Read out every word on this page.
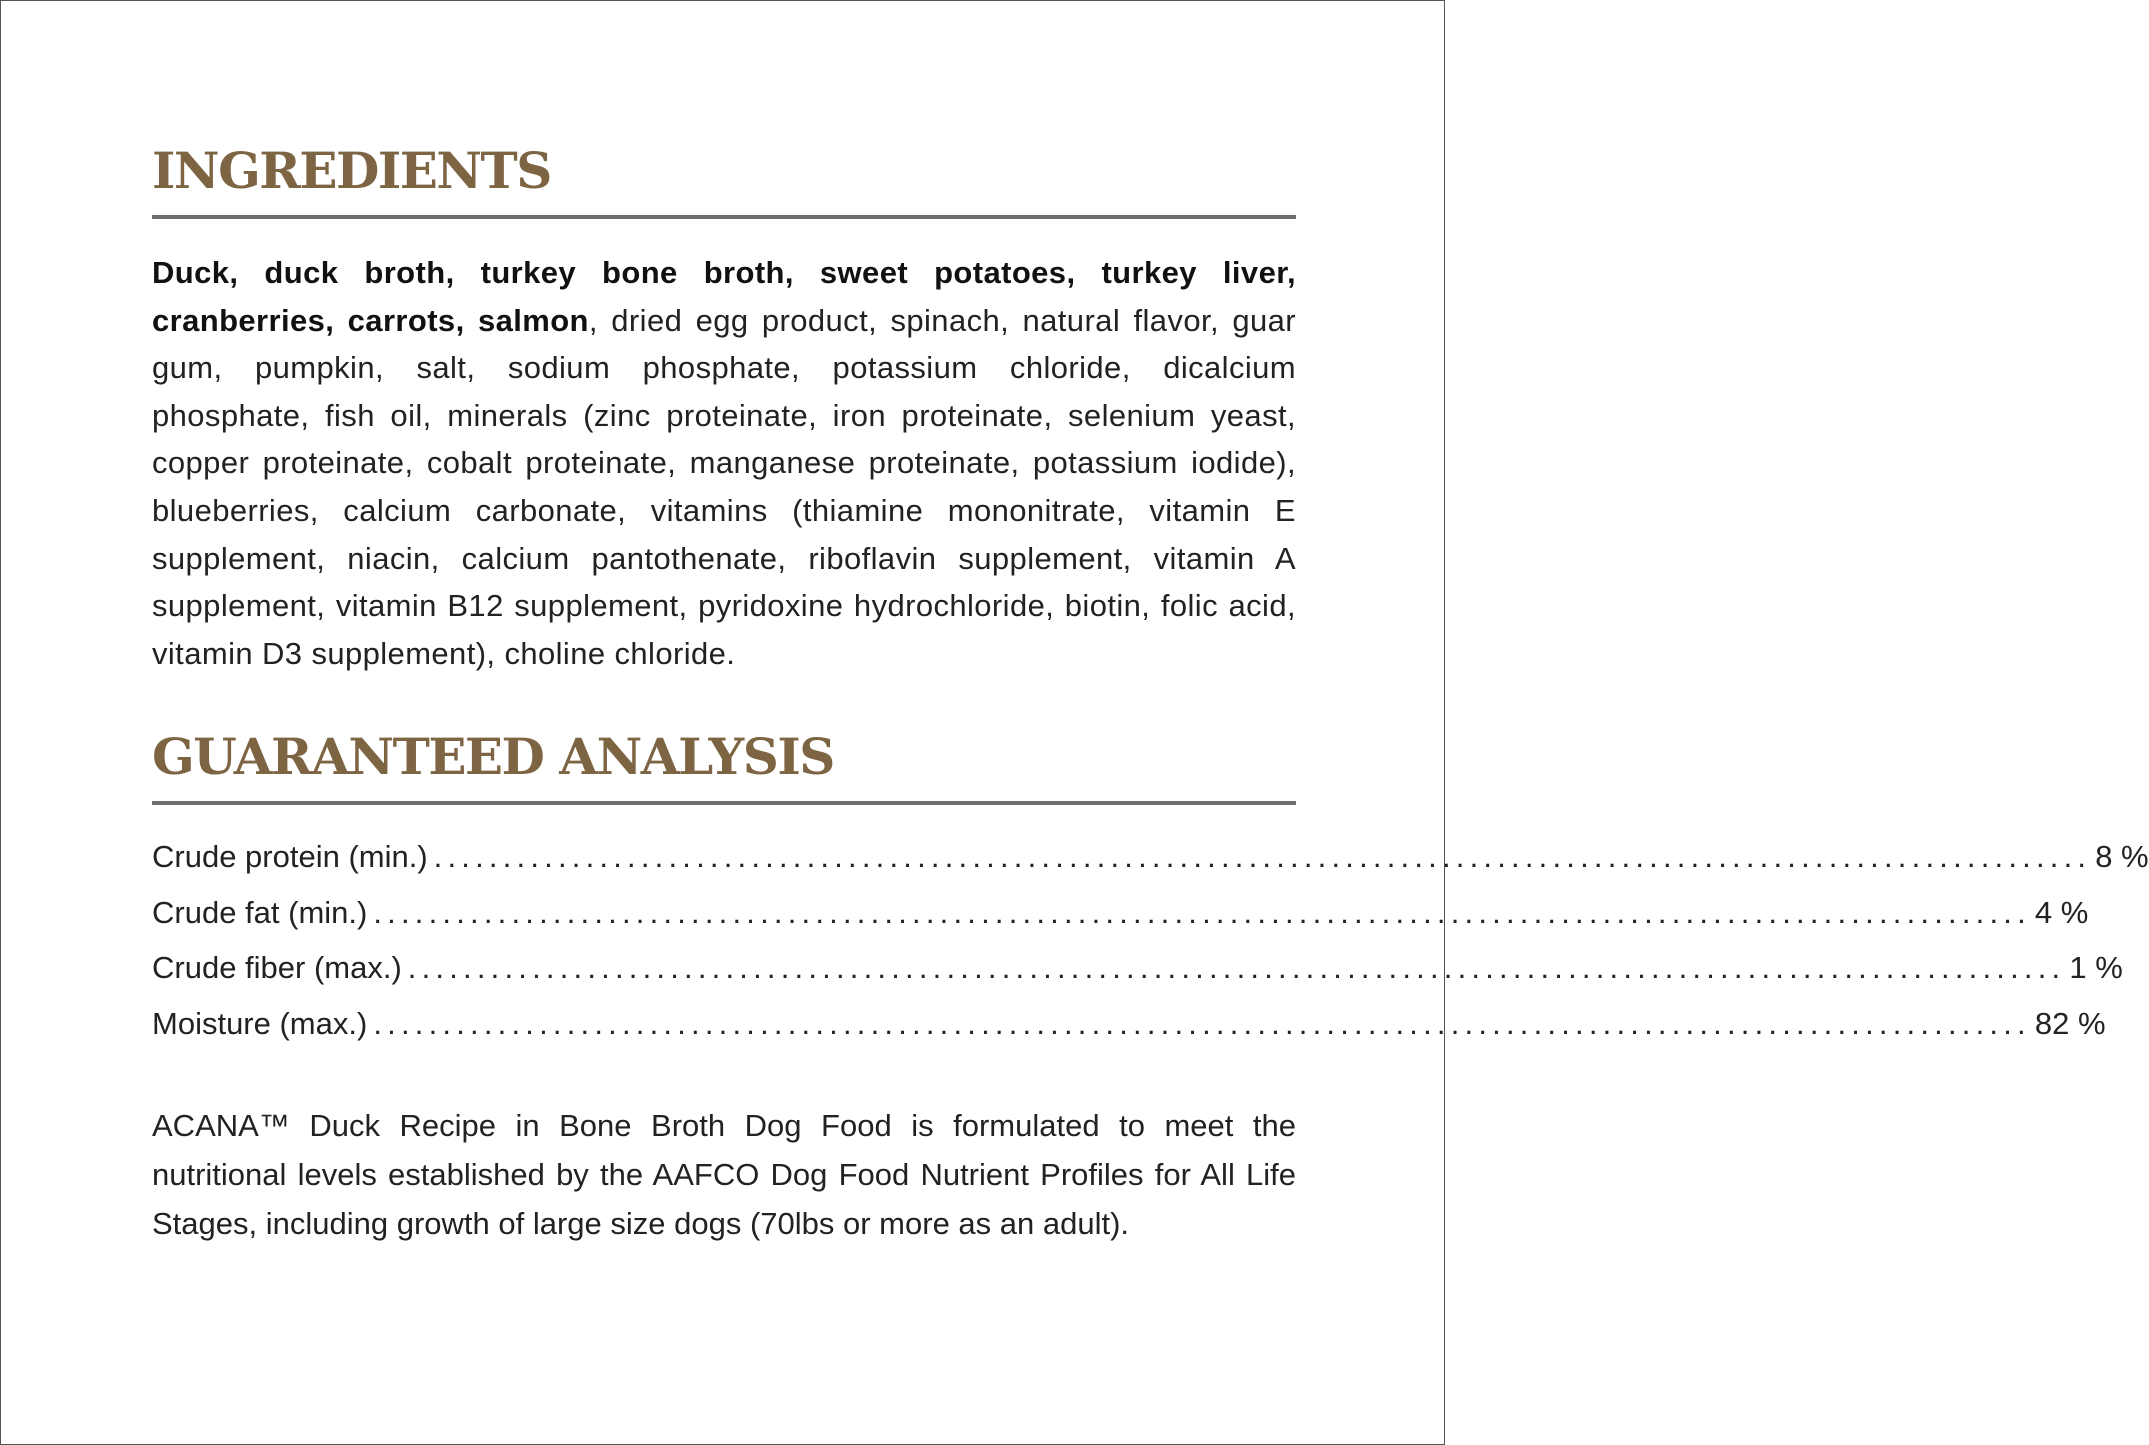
INGREDIENTS

Duck, duck broth, turkey bone broth, sweet potatoes, turkey liver, cranberries, carrots, salmon, dried egg product, spinach, natural flavor, guar gum, pumpkin, salt, sodium phosphate, potassium chloride, dicalcium phosphate, fish oil, minerals (zinc proteinate, iron proteinate, selenium yeast, copper proteinate, cobalt proteinate, manganese proteinate, potassium iodide), blueberries, calcium carbonate, vitamins (thiamine mononitrate, vitamin E supplement, niacin, calcium pantothenate, riboflavin supplement, vitamin A supplement, vitamin B12 supplement, pyridoxine hydrochloride, biotin, folic acid, vitamin D3 supplement), choline chloride.

GUARANTEED ANALYSIS
Crude protein (min.) ........................................................................................................................ 8 %
Crude fat (min.) ........................................................................................................................ 4 %
Crude fiber (max.) ........................................................................................................................ 1 %
Moisture (max.) ........................................................................................................................ 82 %

ACANA™ Duck Recipe in Bone Broth Dog Food is formulated to meet the nutritional levels established by the AAFCO Dog Food Nutrient Profiles for All Life Stages, including growth of large size dogs (70lbs or more as an adult).
